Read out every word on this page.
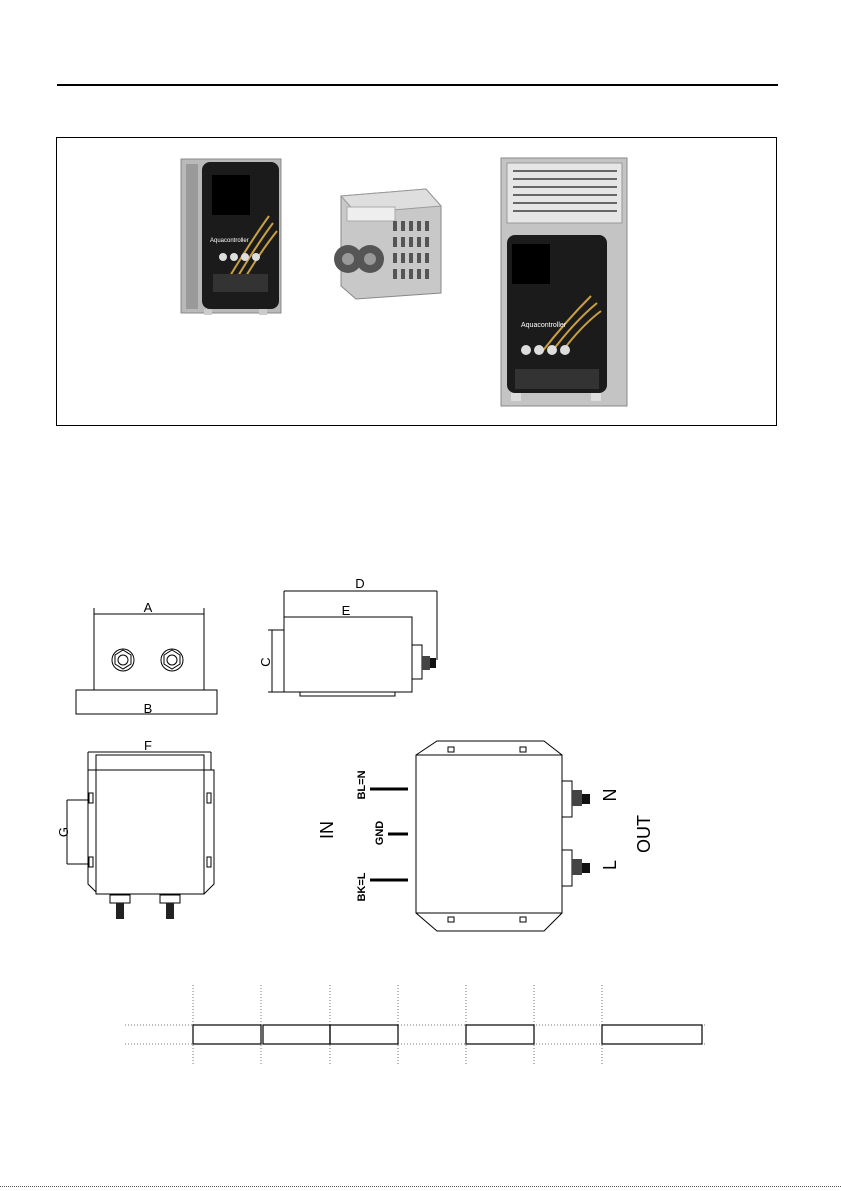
Aquacontroller
Aquacontroller
A
B
D
E
C
F
G
BL=N
GND
BK=L
IN
N
L
OUT
